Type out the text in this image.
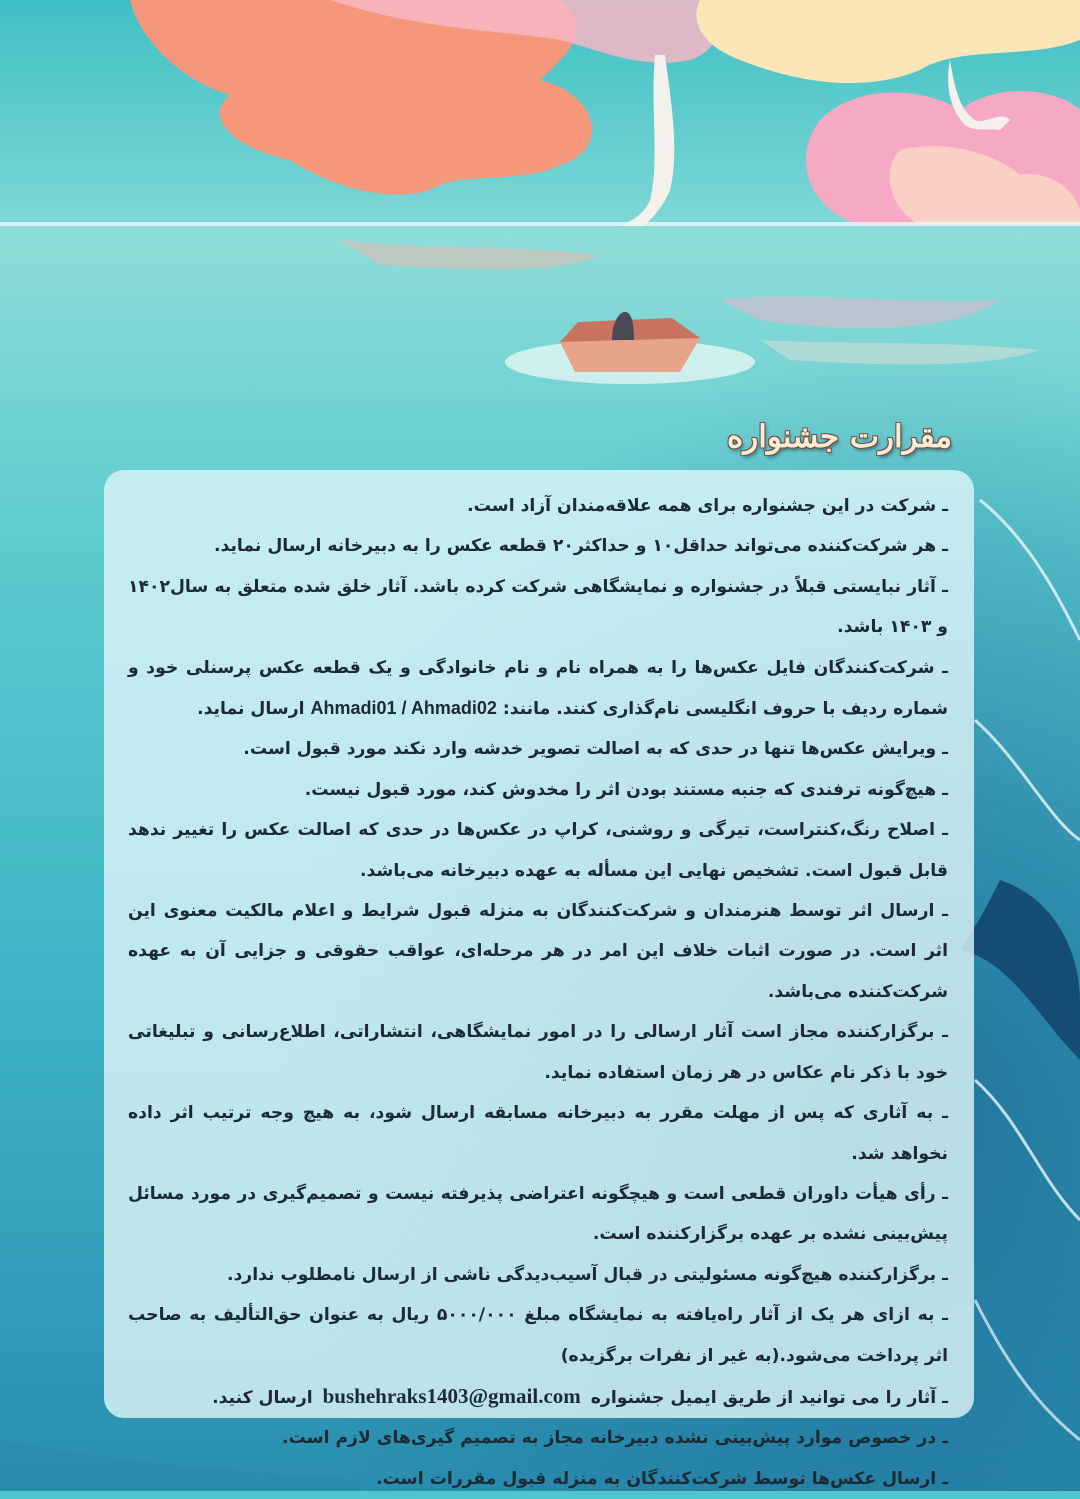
مقرارت جشنواره
ـ شرکت در این جشنواره برای همه علاقه‌مندان آزاد است.
ـ هر شرکت‌کننده می‌تواند حداقل۱۰ و حداکثر۲۰ قطعه عکس را به دبیرخانه ارسال نماید.
ـ آثار نبایستی قبلاً در جشنواره و نمایشگاهی شرکت کرده باشد. آثار خلق شده متعلق به سال۱۴۰۲ و ۱۴۰۳ باشد.
ـ شرکت‌کنندگان فایل عکس‌ها را به همراه نام و نام خانوادگی و یک قطعه عکس پرسنلی خود و شماره ردیف با حروف انگلیسی نام‌گذاری کنند. مانند: Ahmadi01 / Ahmadi02 ارسال نماید.
ـ ویرایش عکس‌ها تنها در حدی که به اصالت تصویر خدشه وارد نکند مورد قبول است.
ـ هیچ‌گونه ترفندی که جنبه مستند بودن اثر را مخدوش کند، مورد قبول نیست.
ـ اصلاح رنگ،کنتراست، تیرگی و روشنی، کراپ در عکس‌ها در حدی که اصالت عکس را تغییر ندهد قابل قبول است. تشخیص نهایی این مسأله به عهده دبیرخانه می‌باشد.
ـ ارسال اثر توسط هنرمندان و شرکت‌کنندگان به منزله قبول شرایط و اعلام مالکیت معنوی این اثر است. در صورت اثبات خلاف این امر در هر مرحله‌ای، عواقب حقوقی و جزایی آن به عهده شرکت‌کننده می‌باشد.
ـ برگزارکننده مجاز است آثار ارسالی را در امور نمایشگاهی، انتشاراتی، اطلاع‌رسانی و تبلیغاتی خود با ذکر نام عکاس در هر زمان استفاده نماید.
ـ به آثاری که پس از مهلت مقرر به دبیرخانه مسابقه ارسال شود، به هیچ وجه ترتیب اثر داده نخواهد شد.
ـ رأی هیأت داوران قطعی است و هیچگونه اعتراضی پذیرفته نیست و تصمیم‌گیری در مورد مسائل پیش‌بینی نشده بر عهده برگزارکننده است.
ـ برگزارکننده هیچ‌گونه مسئولیتی در قبال آسیب‌دیدگی ناشی از ارسال نامطلوب ندارد.
ـ به ازای هر یک از آثار راه‌یافته به نمایشگاه مبلغ ۵۰۰۰/۰۰۰ ریال به عنوان حق‌التألیف به صاحب اثر پرداخت می‌شود.(به غیر از نفرات برگزیده)
ـ آثار را می توانید از طریق ایمیل جشنوارهbushehraks1403@gmail.comارسال کنید.
ـ در خصوص موارد پیش‌بینی نشده دبیرخانه مجاز به تصمیم گیری‌های لازم است.
ـ ارسال عکس‌ها توسط شرکت‌کنندگان به منزله قبول مقررات است.
